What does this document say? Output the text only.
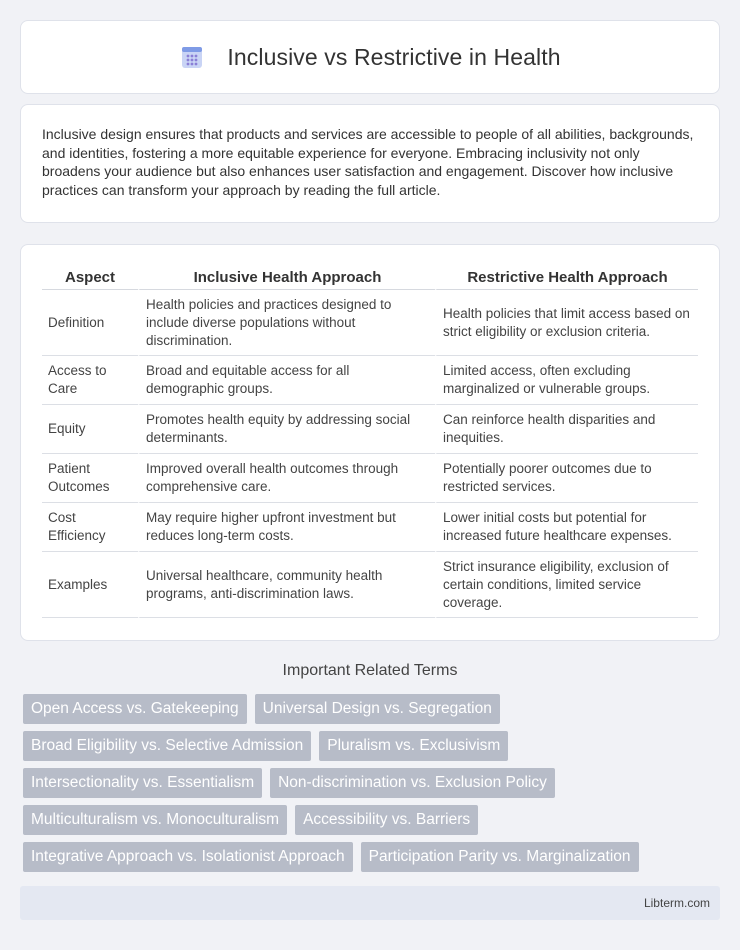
Inclusive vs Restrictive in Health

Inclusive design ensures that products and services are accessible to people of all abilities, backgrounds, and identities, fostering a more equitable experience for everyone. Embracing inclusivity not only broadens your audience but also enhances user satisfaction and engagement. Discover how inclusive practices can transform your approach by reading the full article.

Aspect	Inclusive Health Approach	Restrictive Health Approach
Definition	Health policies and practices designed to include diverse populations without discrimination.	Health policies that limit access based on strict eligibility or exclusion criteria.
Access to Care	Broad and equitable access for all demographic groups.	Limited access, often excluding marginalized or vulnerable groups.
Equity	Promotes health equity by addressing social determinants.	Can reinforce health disparities and inequities.
Patient Outcomes	Improved overall health outcomes through comprehensive care.	Potentially poorer outcomes due to restricted services.
Cost Efficiency	May require higher upfront investment but reduces long-term costs.	Lower initial costs but potential for increased future healthcare expenses.
Examples	Universal healthcare, community health programs, anti-discrimination laws.	Strict insurance eligibility, exclusion of certain conditions, limited service coverage.
Important Related Terms
Open Access vs. Gatekeeping	Universal Design vs. Segregation
Broad Eligibility vs. Selective Admission	Pluralism vs. Exclusivism
Intersectionality vs. Essentialism	Non-discrimination vs. Exclusion Policy
Multiculturalism vs. Monoculturalism	Accessibility vs. Barriers
Integrative Approach vs. Isolationist Approach	Participation Parity vs. Marginalization
Libterm.com
